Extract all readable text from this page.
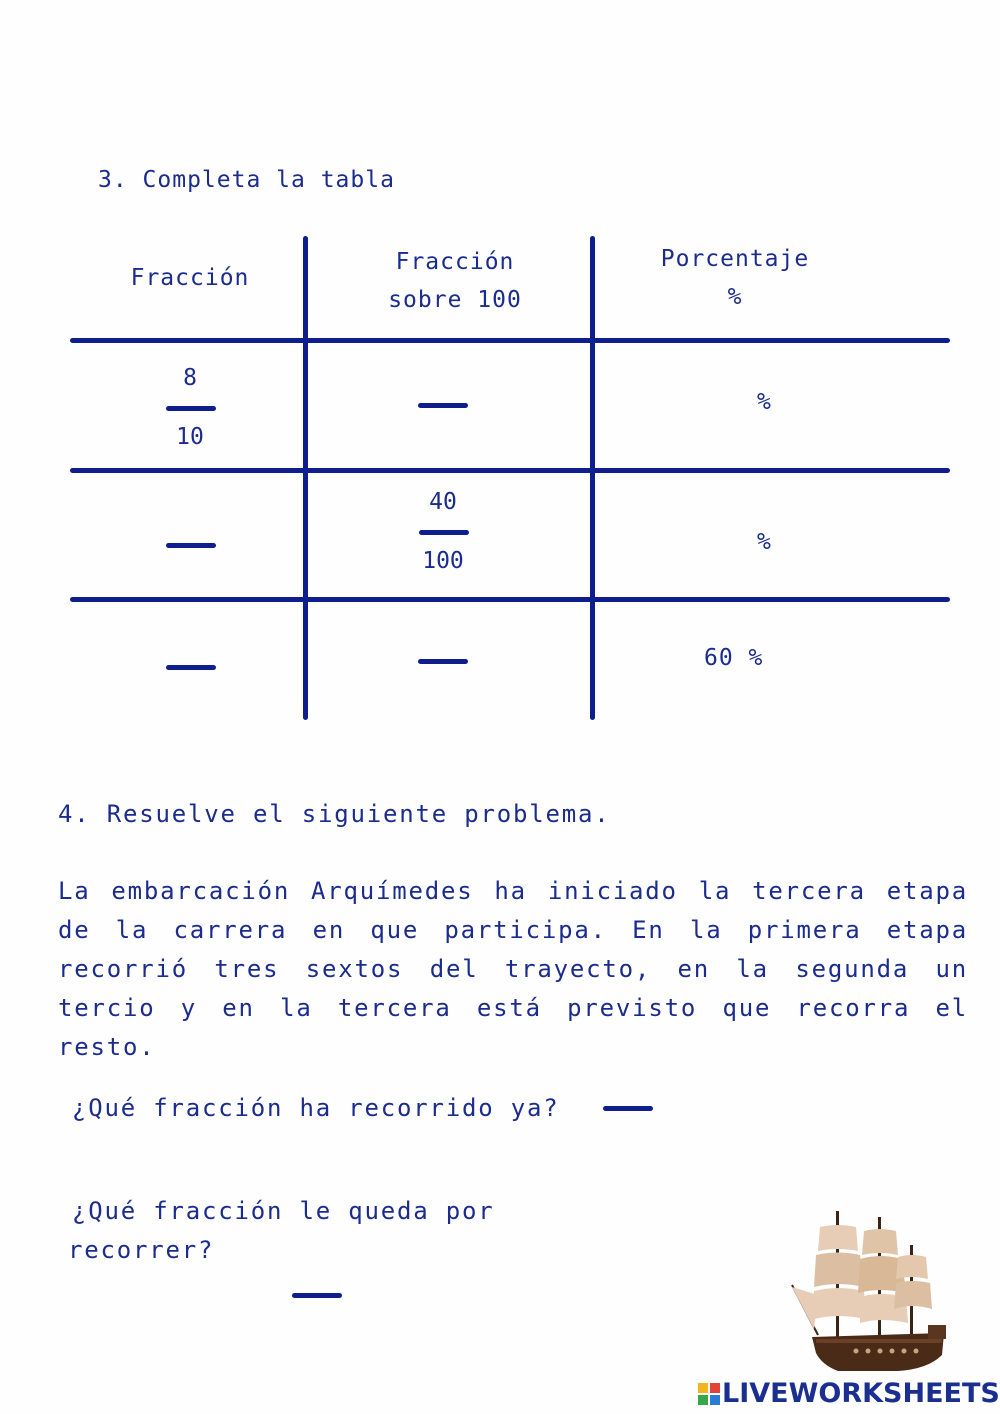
3. Completa la tabla
Fracción
Fracción
sobre 100
Porcentaje
%
8
10
%
40
100
%
60 %
4. Resuelve el siguiente problema.
La embarcación Arquímedes ha iniciado la tercera etapa de la carrera en que participa. En la primera etapa recorrió tres sextos del trayecto, en la segunda un tercio y en la tercera está previsto que recorra el resto.
¿Qué fracción ha recorrido ya?
¿Qué fracción le queda por
recorrer?
LIVEWORKSHEETS
